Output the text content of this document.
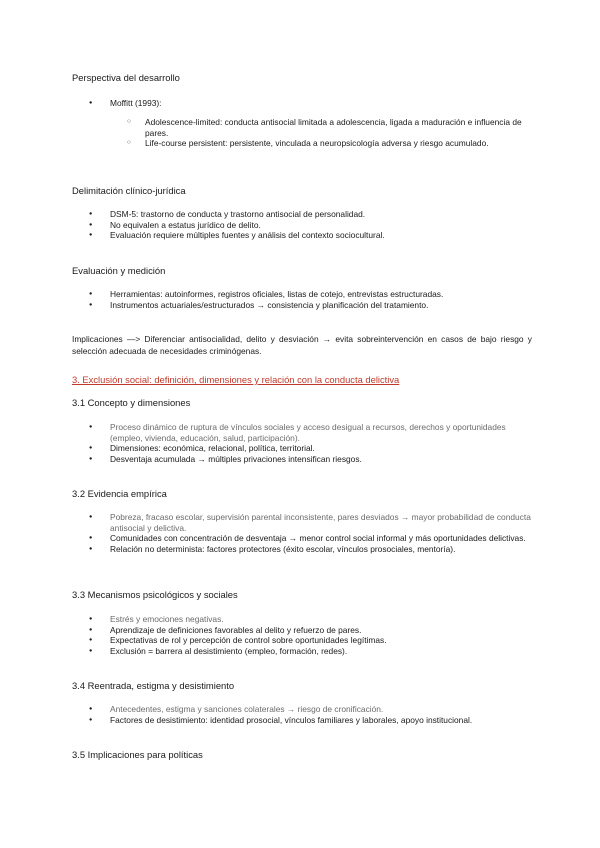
Perspectiva del desarrollo
● Moffitt (1993):
○ Adolescence-limited: conducta antisocial limitada a adolescencia, ligada a maduración e influencia de pares.
○ Life-course persistent: persistente, vinculada a neuropsicología adversa y riesgo acumulado.
Delimitación clínico-jurídica
● DSM-5: trastorno de conducta y trastorno antisocial de personalidad.
● No equivalen a estatus jurídico de delito.
● Evaluación requiere múltiples fuentes y análisis del contexto sociocultural.
Evaluación y medición
● Herramientas: autoinformes, registros oficiales, listas de cotejo, entrevistas estructuradas.
● Instrumentos actuariales/estructurados → consistencia y planificación del tratamiento.

Implicaciones —> Diferenciar antisocialidad, delito y desviación → evita sobreintervención en casos de bajo riesgo y selección adecuada de necesidades criminógenas.

3. Exclusión social: definición, dimensiones y relación con la conducta delictiva
3.1 Concepto y dimensiones
● Proceso dinámico de ruptura de vínculos sociales y acceso desigual a recursos, derechos y oportunidades (empleo, vivienda, educación, salud, participación).
● Dimensiones: económica, relacional, política, territorial.
● Desventaja acumulada → múltiples privaciones intensifican riesgos.
3.2 Evidencia empírica
● Pobreza, fracaso escolar, supervisión parental inconsistente, pares desviados → mayor probabilidad de conducta antisocial y delictiva.
● Comunidades con concentración de desventaja → menor control social informal y más oportunidades delictivas.
● Relación no determinista: factores protectores (éxito escolar, vínculos prosociales, mentoría).
3.3 Mecanismos psicológicos y sociales
● Estrés y emociones negativas.
● Aprendizaje de definiciones favorables al delito y refuerzo de pares.
● Expectativas de rol y percepción de control sobre oportunidades legítimas.
● Exclusión = barrera al desistimiento (empleo, formación, redes).
3.4 Reentrada, estigma y desistimiento
● Antecedentes, estigma y sanciones colaterales → riesgo de cronificación.
● Factores de desistimiento: identidad prosocial, vínculos familiares y laborales, apoyo institucional.
3.5 Implicaciones para políticas
